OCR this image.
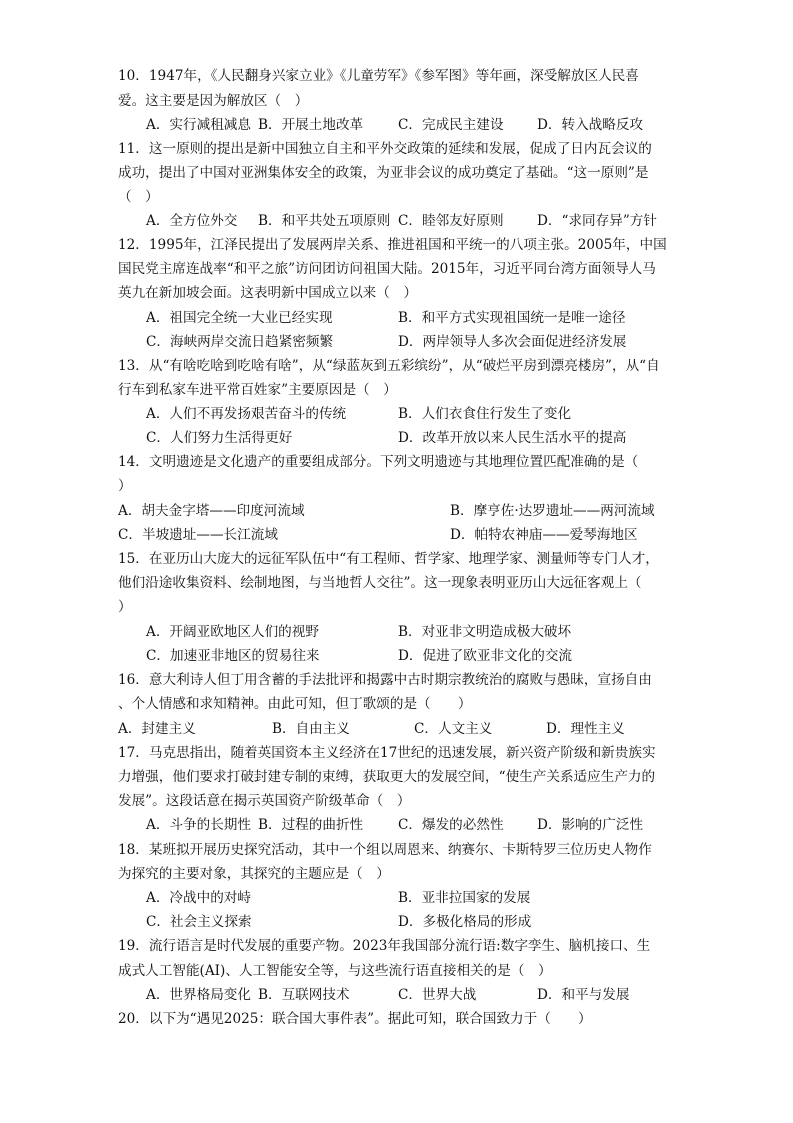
10．1947年，《人民翻身兴家立业》《儿童劳军》《参军图》等年画，深受解放区人民喜
爱。这主要是因为解放区（　）
A．实行减租减息 B．开展土地改革	C．完成民主建设 D．转入战略反攻
11．这一原则的提出是新中国独立自主和平外交政策的延续和发展，促成了日内瓦会议的
成功，提出了中国对亚洲集体安全的政策，为亚非会议的成功奠定了基础。“这一原则”是
（　）
A．全方位外交 B．和平共处五项原则 C．睦邻友好原则 D．“求同存异”方针
12．1995年，江泽民提出了发展两岸关系、推进祖国和平统一的八项主张。2005年，中国
国民党主席连战率“和平之旅”访问团访问祖国大陆。2015年，习近平同台湾方面领导人马
英九在新加坡会面。这表明新中国成立以来（　）
A．祖国完全统一大业已经实现	B．和平方式实现祖国统一是唯一途径
C．海峡两岸交流日趋紧密频繁	D．两岸领导人多次会面促进经济发展
13．从“有啥吃啥到吃啥有啥”，从“绿蓝灰到五彩缤纷”，从“破烂平房到漂亮楼房”，从“自
行车到私家车进平常百姓家”主要原因是（　）
A．人们不再发扬艰苦奋斗的传统	B．人们衣食住行发生了变化
C．人们努力生活得更好	D．改革开放以来人民生活水平的提高
14．文明遗迹是文化遗产的重要组成部分。下列文明遗迹与其地理位置匹配准确的是（
）
A．胡夫金字塔——印度河流域	B．摩亨佐·达罗遗址——两河流域
C．半坡遗址——长江流域	D．帕特农神庙——爱琴海地区
15．在亚历山大庞大的远征军队伍中“有工程师、哲学家、地理学家、测量师等专门人才，
他们沿途收集资料、绘制地图，与当地哲人交往”。这一现象表明亚历山大远征客观上（
）
A．开阔亚欧地区人们的视野	B．对亚非文明造成极大破坏
C．加速亚非地区的贸易往来	D．促进了欧亚非文化的交流
16．意大利诗人但丁用含蓄的手法批评和揭露中古时期宗教统治的腐败与愚昧，宣扬自由
、个人情感和求知精神。由此可知，但丁歌颂的是（　　）
A．封建主义	B．自由主义	C．人文主义	D．理性主义
17．马克思指出，随着英国资本主义经济在17世纪的迅速发展，新兴资产阶级和新贵族实
力增强，他们要求打破封建专制的束缚，获取更大的发展空间，“使生产关系适应生产力的
发展”。这段话意在揭示英国资产阶级革命（　）
A．斗争的长期性 B．过程的曲折性	C．爆发的必然性 D．影响的广泛性
18．某班拟开展历史探究活动，其中一个组以周恩来、纳赛尔、卡斯特罗三位历史人物作
为探究的主要对象，其探究的主题应是（　）
A．冷战中的对峙	B．亚非拉国家的发展
C．社会主义探索	D．多极化格局的形成
19．流行语言是时代发展的重要产物。2023年我国部分流行语:数字孪生、脑机接口、生
成式人工智能(AI)、人工智能安全等，与这些流行语直接相关的是（　）
A．世界格局变化 B．互联网技术	C．世界大战	D．和平与发展
20．以下为“遇见2025：联合国大事件表”。据此可知，联合国致力于（　　）
